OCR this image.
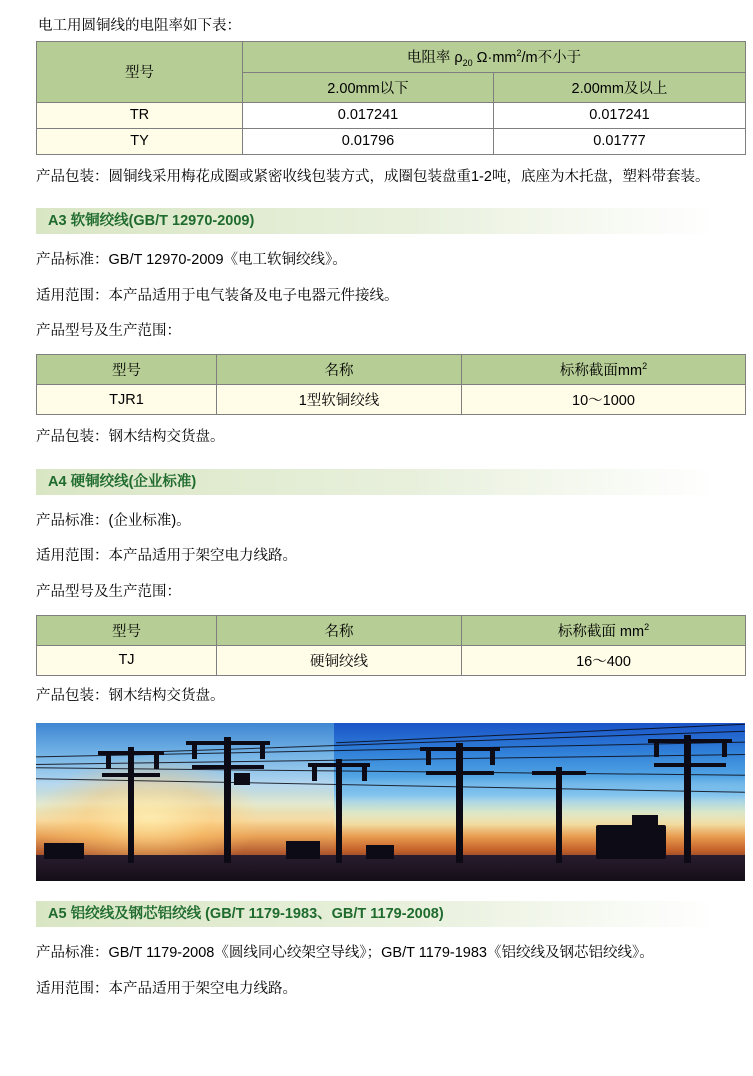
电工用圆铜线的电阻率如下表：
型号	电阻率 $\rho_{20}$ $\Omega\cdot mm^2/m$不小于	
	2.00mm以下	2.00mm及以上
TR	0.017241	0.017241
TY	0.01796	0.01777
产品包装：圆铜线采用梅花成圈或紧密收线包装方式，成圈包装盘重1-2吨，底座为木托盘，塑料带套装。
A3 软铜绞线(GB/T 12970-2009)
产品标准：GB/T 12970-2009《电工软铜绞线》。
适用范围：本产品适用于电气装备及电子电器元件接线。
产品型号及生产范围：
型号	名称	标称截面$mm^2$
TJR1	1型软铜绞线	10～1000
产品包装：钢木结构交货盘。
A4 硬铜绞线(企业标准)
产品标准：(企业标准)。
适用范围：本产品适用于架空电力线路。
产品型号及生产范围：
型号	名称	标称截面 $mm^2$
TJ	硬铜绞线	16～400
产品包装：钢木结构交货盘。
A5 铝绞线及钢芯铝绞线 (GB/T 1179-1983、GB/T 1179-2008)
产品标准：GB/T 1179-2008《圆线同心绞架空导线》；GB/T 1179-1983《铝绞线及钢芯铝绞线》。
适用范围：本产品适用于架空电力线路。
